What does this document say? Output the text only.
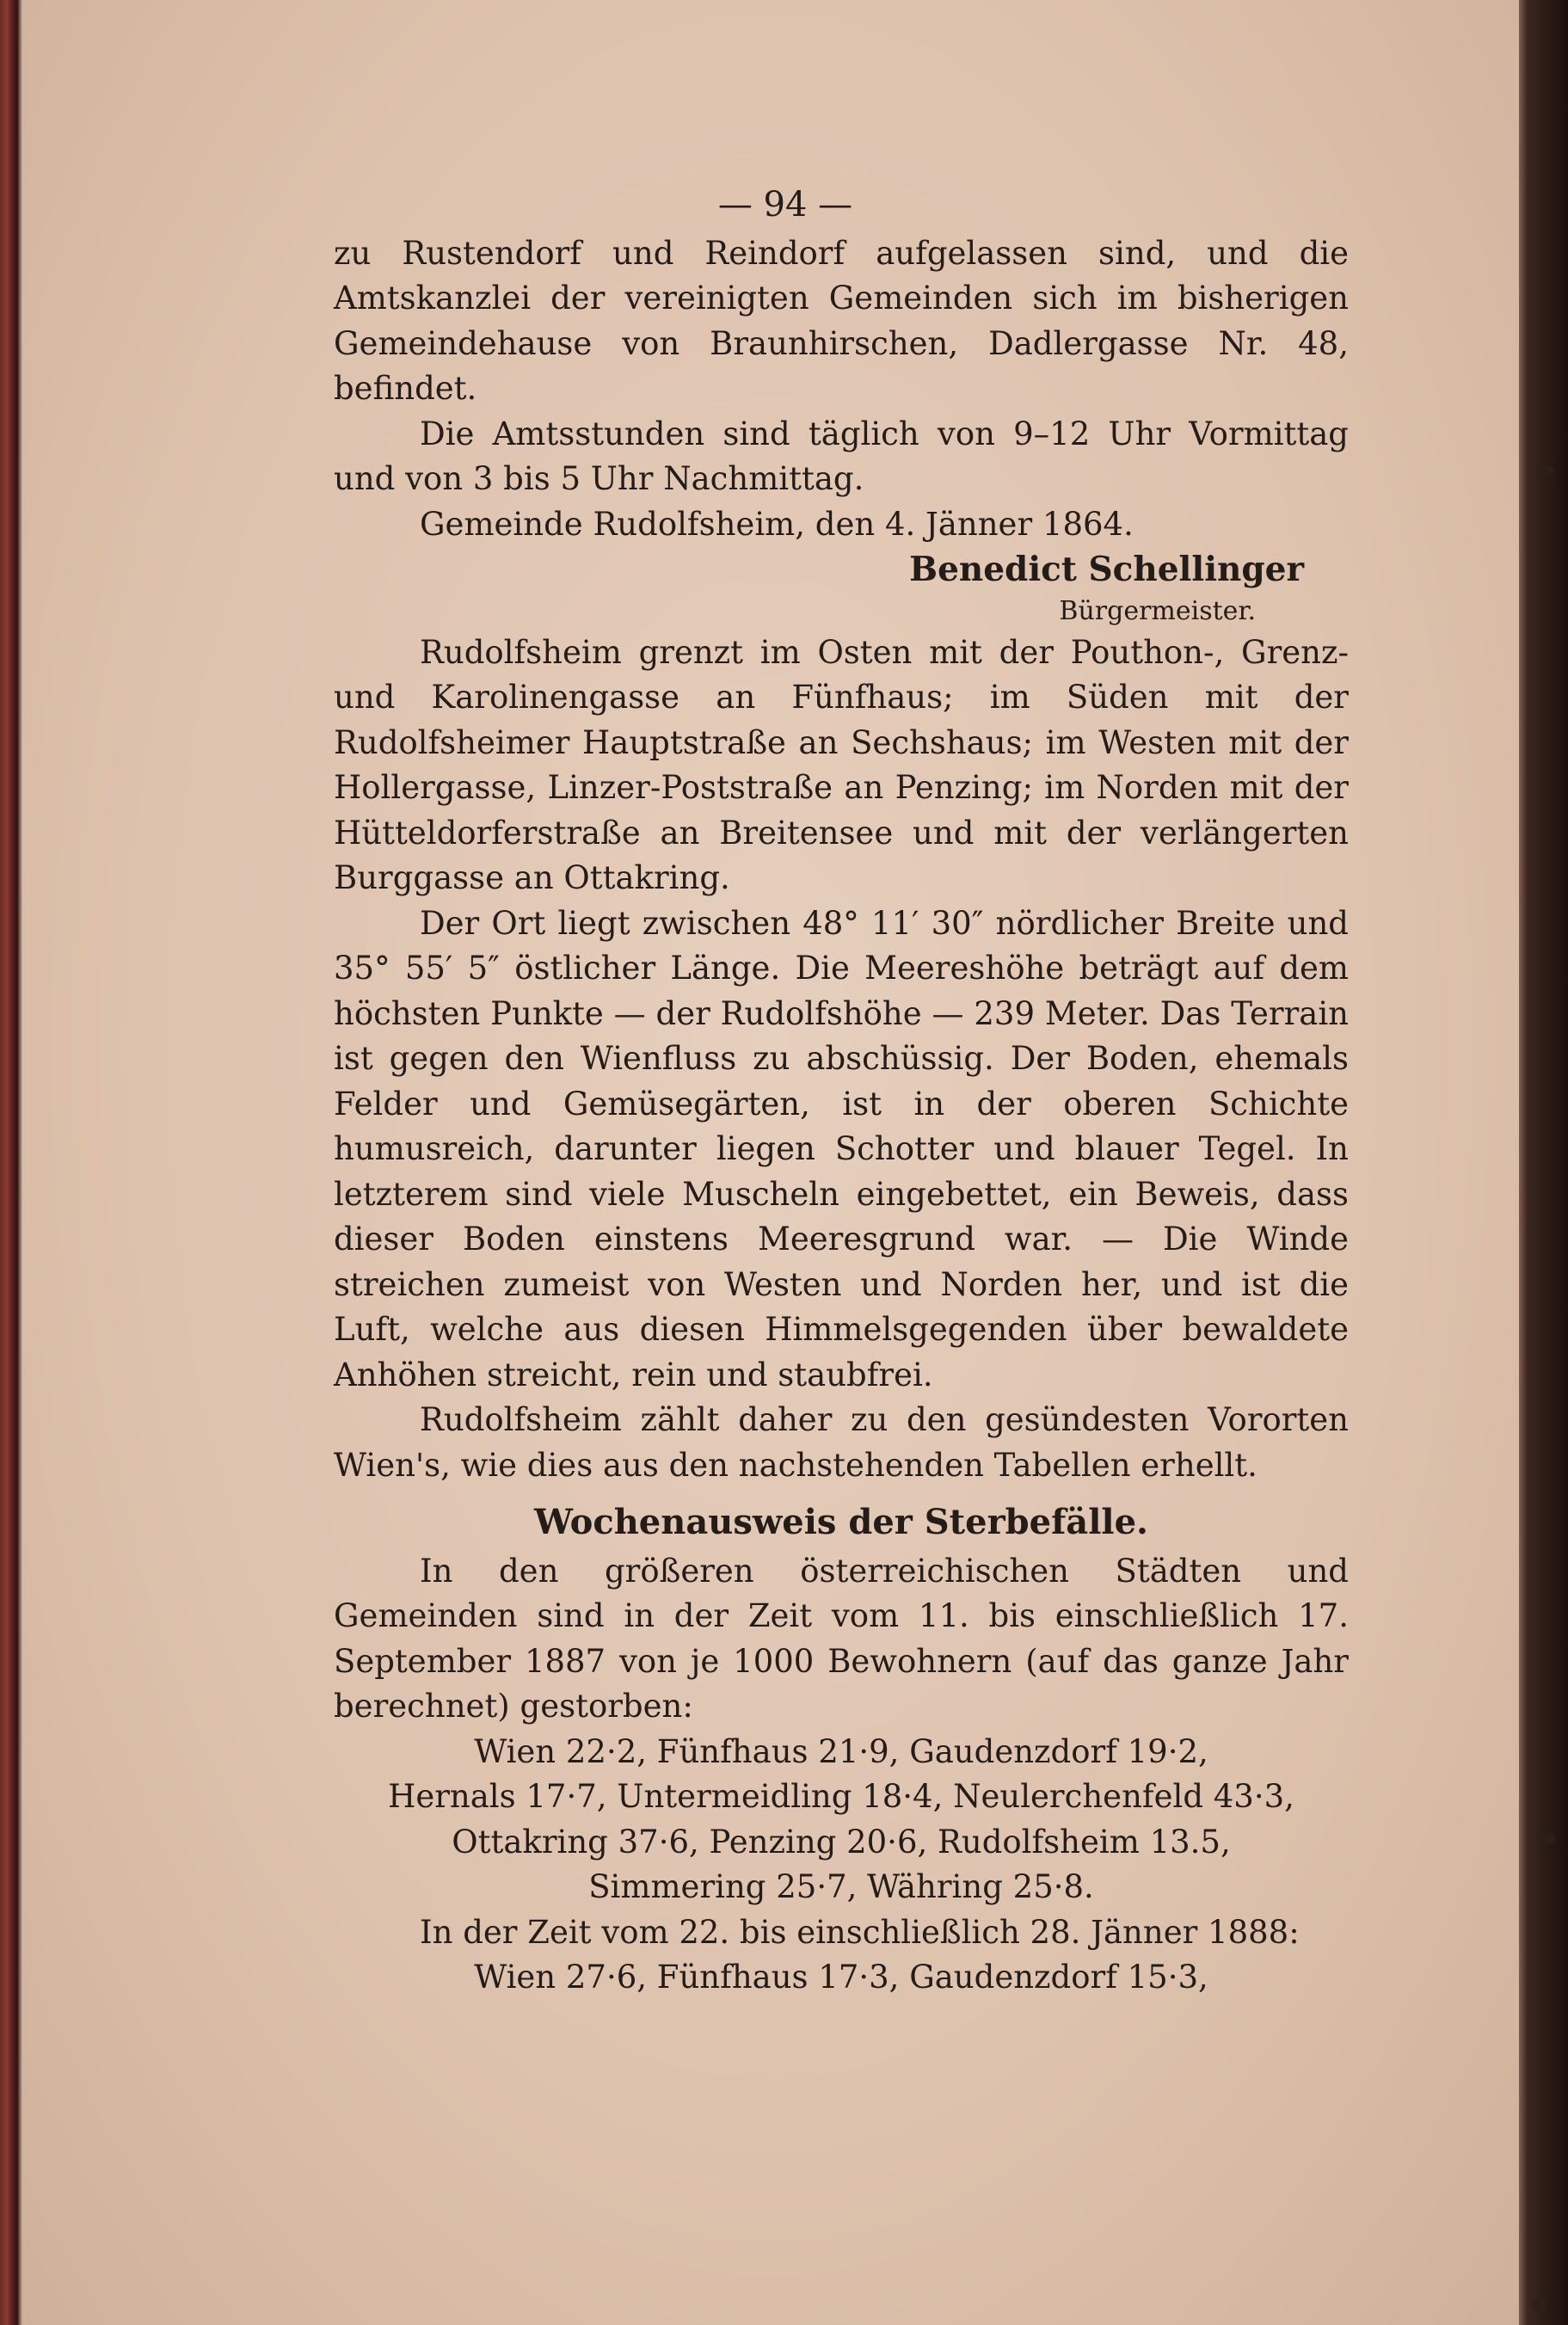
— 94 —

zu Rustendorf und Reindorf aufgelassen sind, und die Amtskanzlei der vereinigten Gemeinden sich im bisherigen Gemeindehause von Braunhirschen, Dadlergasse Nr. 48, befindet.

Die Amtsstunden sind täglich von 9–12 Uhr Vormittag und von 3 bis 5 Uhr Nachmittag.

Gemeinde Rudolfsheim, den 4. Jänner 1864.

Benedict Schellinger

Bürgermeister.

Rudolfsheim grenzt im Osten mit der Pouthon-, Grenz- und Karolinengasse an Fünfhaus; im Süden mit der Rudolfsheimer Hauptstraße an Sechshaus; im Westen mit der Hollergasse, Linzer-Poststraße an Penzing; im Norden mit der Hütteldorferstraße an Breitensee und mit der verlängerten Burggasse an Ottakring.

Der Ort liegt zwischen 48° 11′ 30″ nördlicher Breite und 35° 55′ 5″ östlicher Länge. Die Meereshöhe beträgt auf dem höchsten Punkte — der Rudolfshöhe — 239 Meter. Das Terrain ist gegen den Wienfluss zu abschüssig. Der Boden, ehemals Felder und Gemüsegärten, ist in der oberen Schichte humusreich, darunter liegen Schotter und blauer Tegel. In letzterem sind viele Muscheln eingebettet, ein Beweis, dass dieser Boden einstens Meeresgrund war. — Die Winde streichen zumeist von Westen und Norden her, und ist die Luft, welche aus diesen Himmelsgegenden über bewaldete Anhöhen streicht, rein und staubfrei.

Rudolfsheim zählt daher zu den gesündesten Vororten Wien's, wie dies aus den nachstehenden Tabellen erhellt.

Wochenausweis der Sterbefälle.

In den größeren österreichischen Städten und Gemeinden sind in der Zeit vom 11. bis einschließlich 17. September 1887 von je 1000 Bewohnern (auf das ganze Jahr berechnet) gestorben:

Wien 22·2, Fünfhaus 21·9, Gaudenzdorf 19·2,

Hernals 17·7, Untermeidling 18·4, Neulerchenfeld 43·3,

Ottakring 37·6, Penzing 20·6, Rudolfsheim 13.5,

Simmering 25·7, Währing 25·8.

In der Zeit vom 22. bis einschließlich 28. Jänner 1888:

Wien 27·6, Fünfhaus 17·3, Gaudenzdorf 15·3,
